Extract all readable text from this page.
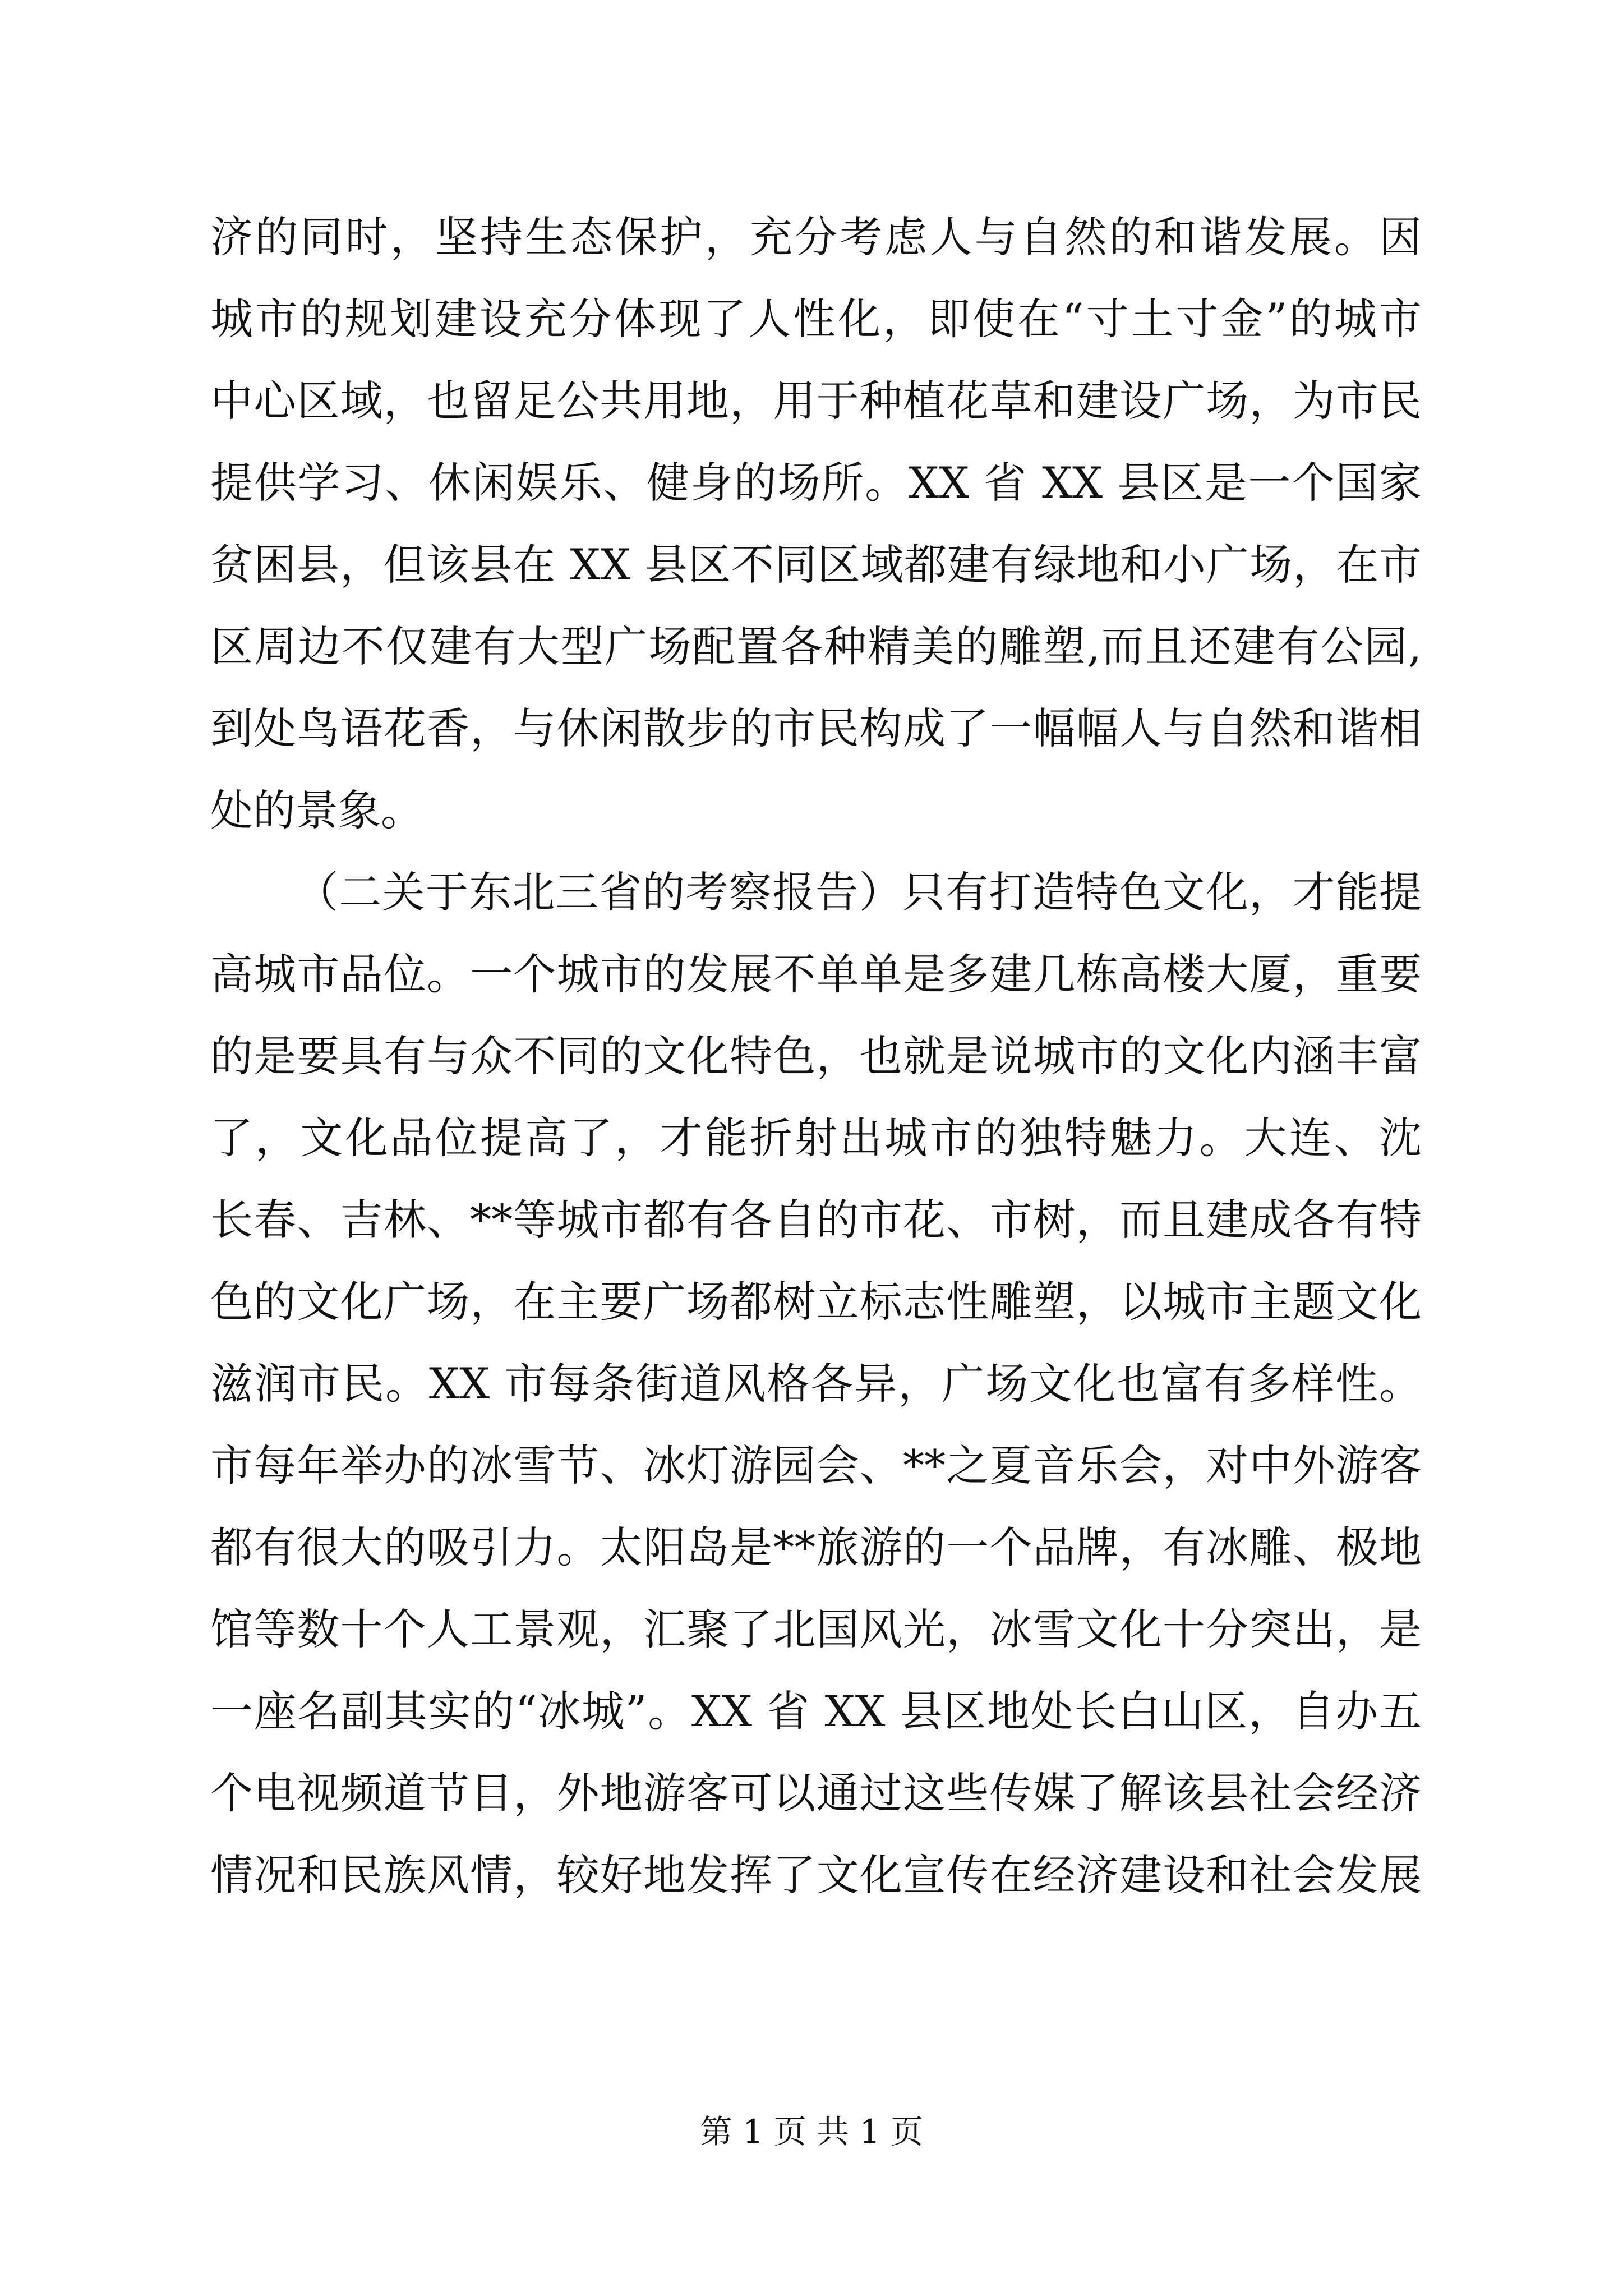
济的同时，坚持生态保护，充分考虑人与自然的和谐发展。因
城市的规划建设充分体现了人性化，即使在“寸土寸金”的城市
中心区域，也留足公共用地，用于种植花草和建设广场，为市民
提供学习、休闲娱乐、健身的场所。XX 省 XX 县区是一个国家
贫困县，但该县在 XX 县区不同区域都建有绿地和小广场，在市
区周边不仅建有大型广场配置各种精美的雕塑,而且还建有公园,
到处鸟语花香，与休闲散步的市民构成了一幅幅人与自然和谐相
处的景象。
（二关于东北三省的考察报告）只有打造特色文化，才能提
高城市品位。一个城市的发展不单单是多建几栋高楼大厦，重要
的是要具有与众不同的文化特色，也就是说城市的文化内涵丰富
了，文化品位提高了，才能折射出城市的独特魅力。大连、沈
长春、吉林、**等城市都有各自的市花、市树，而且建成各有特
色的文化广场，在主要广场都树立标志性雕塑，以城市主题文化
滋润市民。XX 市每条街道风格各异，广场文化也富有多样性。
市每年举办的冰雪节、冰灯游园会、**之夏音乐会，对中外游客
都有很大的吸引力。太阳岛是**旅游的一个品牌，有冰雕、极地
馆等数十个人工景观，汇聚了北国风光，冰雪文化十分突出，是
一座名副其实的“冰城”。XX 省 XX 县区地处长白山区，自办五
个电视频道节目，外地游客可以通过这些传媒了解该县社会经济
情况和民族风情，较好地发挥了文化宣传在经济建设和社会发展
第 1 页 共 1 页
